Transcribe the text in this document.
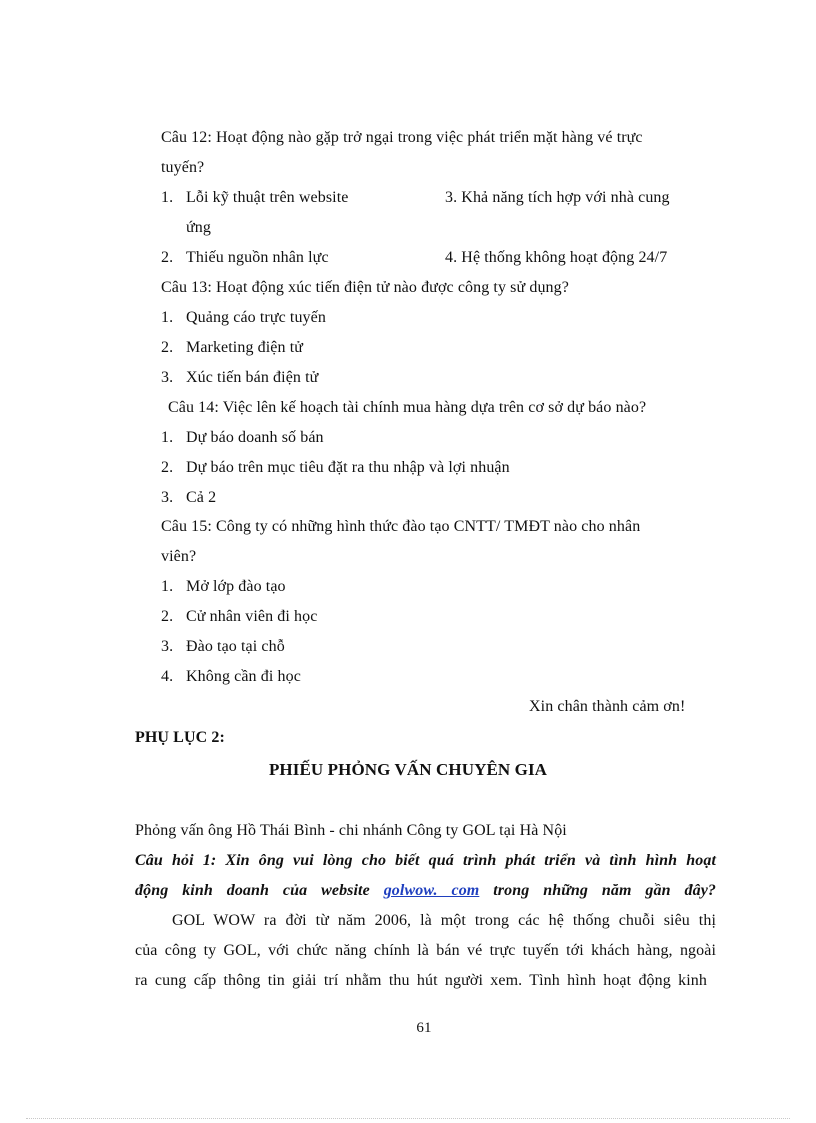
Câu 12: Hoạt động nào gặp trở ngại trong việc phát triển mặt hàng vé trực
tuyến?
1. Lỗi kỹ thuật trên website	3. Khả năng tích hợp với nhà cung
ứng
2. Thiếu nguồn nhân lực	4. Hệ thống không hoạt động 24/7
Câu 13: Hoạt động xúc tiến điện tử nào được công ty sử dụng?
1. Quảng cáo trực tuyến
2. Marketing điện tử
3. Xúc tiến bán điện tử
Câu 14: Việc lên kế hoạch tài chính mua hàng dựa trên cơ sở dự báo nào?
1. Dự báo doanh số bán
2. Dự báo trên mục tiêu đặt ra thu nhập và lợi nhuận
3. Cả 2
Câu 15: Công ty có những hình thức đào tạo CNTT/ TMĐT nào cho nhân
viên?
1. Mở lớp đào tạo
2. Cử nhân viên đi học
3. Đào tạo tại chỗ
4. Không cần đi học
Xin chân thành cảm ơn!
PHỤ LỤC 2:
PHIẾU PHỎNG VẤN CHUYÊN GIA
Phỏng vấn ông Hồ Thái Bình - chi nhánh Công ty GOL tại Hà Nội
Câu hỏi 1: Xin ông vui lòng cho biết quá trình phát triển và tình hình hoạt
động kinh doanh của website golwow. com trong những năm gần đây?
GOL WOW ra đời từ năm 2006, là một trong các hệ thống chuỗi siêu thị
của công ty GOL, với chức năng chính là bán vé trực tuyến tới khách hàng, ngoài
ra cung cấp thông tin giải trí nhằm thu hút người xem. Tình hình hoạt động kinh
61
